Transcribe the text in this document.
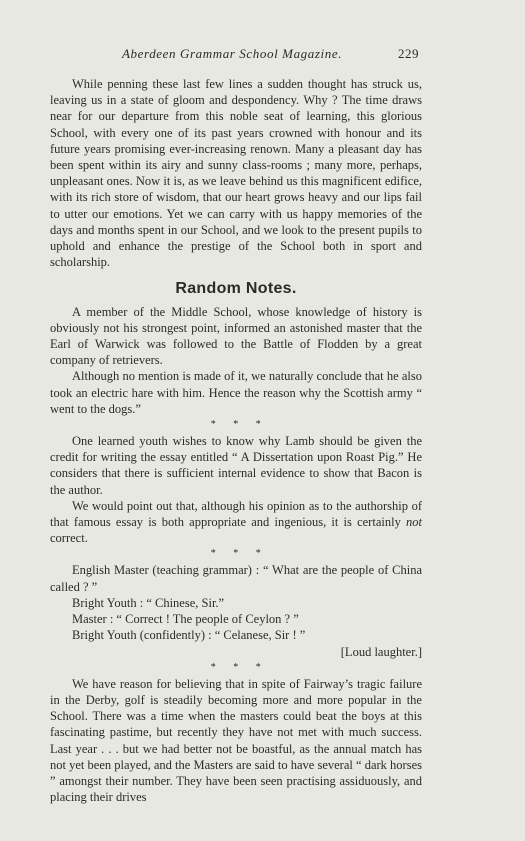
Aberdeen Grammar School Magazine.	229

While penning these last few lines a sudden thought has struck us, leaving us in a state of gloom and despondency. Why ? The time draws near for our departure from this noble seat of learning, this glorious School, with every one of its past years crowned with honour and its future years promising ever-increasing renown. Many a pleasant day has been spent within its airy and sunny class-rooms ; many more, perhaps, unpleasant ones. Now it is, as we leave behind us this magnificent edifice, with its rich store of wisdom, that our heart grows heavy and our lips fail to utter our emotions. Yet we can carry with us happy memories of the days and months spent in our School, and we look to the present pupils to uphold and enhance the prestige of the School both in sport and scholarship.

Random Notes.

A member of the Middle School, whose knowledge of history is obviously not his strongest point, informed an astonished master that the Earl of Warwick was followed to the Battle of Flodden by a great company of retrievers.

Although no mention is made of it, we naturally conclude that he also took an electric hare with him. Hence the reason why the Scottish army “ went to the dogs.”

* * *

One learned youth wishes to know why Lamb should be given the credit for writing the essay entitled “ A Dissertation upon Roast Pig.” He considers that there is sufficient internal evidence to show that Bacon is the author.

We would point out that, although his opinion as to the authorship of that famous essay is both appropriate and ingenious, it is certainly not correct.

* * *

English Master (teaching grammar) : “ What are the people of China called ? ”

Bright Youth : “ Chinese, Sir.”
Master : “ Correct ! The people of Ceylon ? ”
Bright Youth (confidently) : “ Celanese, Sir ! ”
[Loud laughter.]
* * *

We have reason for believing that in spite of Fairway’s tragic failure in the Derby, golf is steadily becoming more and more popular in the School. There was a time when the masters could beat the boys at this fascinating pastime, but recently they have not met with much success. Last year . . . but we had better not be boastful, as the annual match has not yet been played, and the Masters are said to have several “ dark horses ” amongst their number. They have been seen practising assiduously, and placing their drives
